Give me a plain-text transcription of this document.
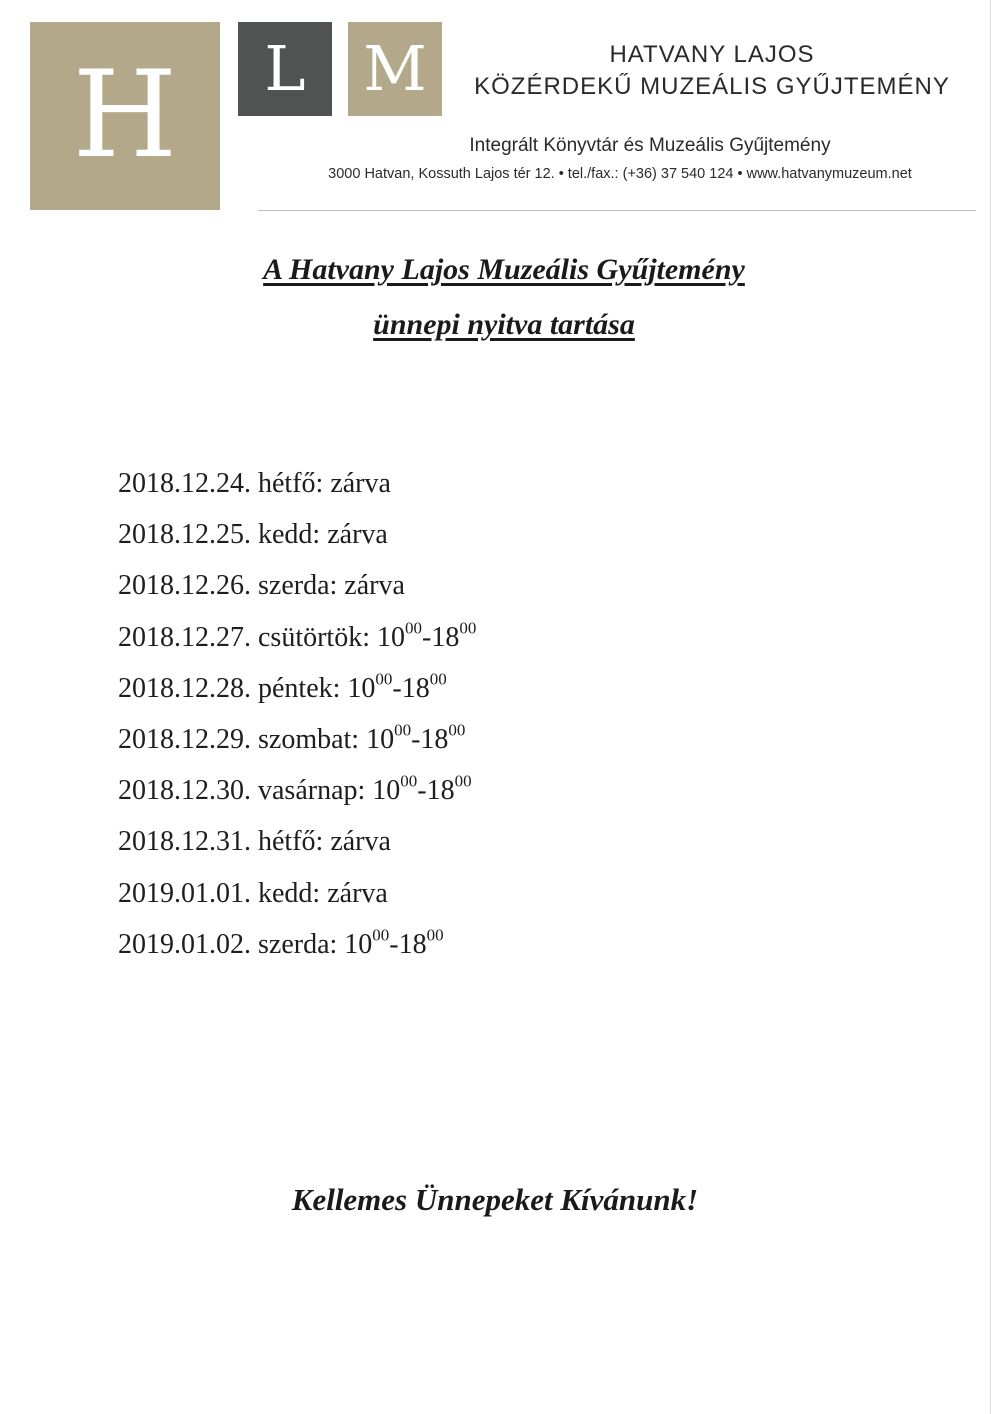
H	L M	HATVANY LAJOS

KÖZÉRDEKŰ MUZEÁLIS GYŰJTEMÉNY

Integrált Könyvtár és Muzeális Gyűjtemény
3000 Hatvan, Kossuth Lajos tér 12. • tel./fax.: (+36) 37 540 124 • www.hatvanymuzeum.net
A Hatvany Lajos Muzeális Gyűjtemény
ünnepi nyitva tartása
2018.12.24. hétfő: zárva
2018.12.25. kedd: zárva
2018.12.26. szerda: zárva
2018.12.27. csütörtök: $10^{00}-18^{00}$
2018.12.28. péntek: $10^{00}-18^{00}$
2018.12.29. szombat: $10^{00}-18^{00}$
2018.12.30. vasárnap: $10^{00}-18^{00}$
2018.12.31. hétfő: zárva
2019.01.01. kedd: zárva
2019.01.02. szerda: $10^{00}-18^{00}$
Kellemes Ünnepeket Kívánunk!
